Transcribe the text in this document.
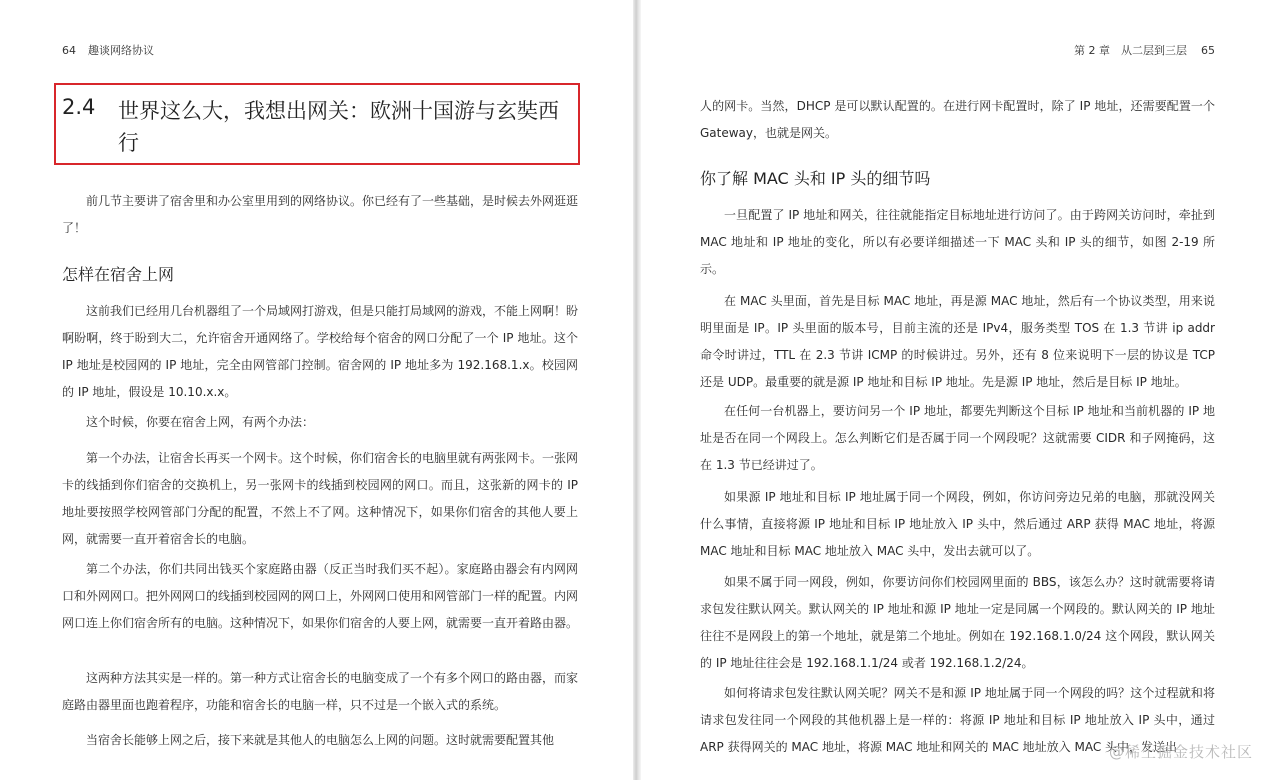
64 趣谈网络协议	第 2 章　从二层到三层 65
2.4 世界这么大，我想出网关：欧洲十国游与玄奘西行

前几节主要讲了宿舍里和办公室里用到的网络协议。你已经有了一些基础，是时候去外网逛逛了！

怎样在宿舍上网

这前我们已经用几台机器组了一个局域网打游戏，但是只能打局域网的游戏，不能上网啊！盼啊盼啊，终于盼到大二，允许宿舍开通网络了。学校给每个宿舍的网口分配了一个 IP 地址。这个 IP 地址是校园网的 IP 地址，完全由网管部门控制。宿舍网的 IP 地址多为 192.168.1.x。校园网的 IP 地址，假设是 10.10.x.x。

这个时候，你要在宿舍上网，有两个办法：

第一个办法，让宿舍长再买一个网卡。这个时候，你们宿舍长的电脑里就有两张网卡。一张网卡的线插到你们宿舍的交换机上，另一张网卡的线插到校园网的网口。而且，这张新的网卡的 IP 地址要按照学校网管部门分配的配置，不然上不了网。这种情况下，如果你们宿舍的其他人要上网，就需要一直开着宿舍长的电脑。

第二个办法，你们共同出钱买个家庭路由器（反正当时我们买不起）。家庭路由器会有内网网口和外网网口。把外网网口的线插到校园网的网口上，外网网口使用和网管部门一样的配置。内网网口连上你们宿舍所有的电脑。这种情况下，如果你们宿舍的人要上网，就需要一直开着路由器。

这两种方法其实是一样的。第一种方式让宿舍长的电脑变成了一个有多个网口的路由器，而家庭路由器里面也跑着程序，功能和宿舍长的电脑一样，只不过是一个嵌入式的系统。

当宿舍长能够上网之后，接下来就是其他人的电脑怎么上网的问题。这时就需要配置其他

人的网卡。当然，DHCP 是可以默认配置的。在进行网卡配置时，除了 IP 地址，还需要配置一个 Gateway，也就是网关。

你了解 MAC 头和 IP 头的细节吗

一旦配置了 IP 地址和网关，往往就能指定目标地址进行访问了。由于跨网关访问时，牵扯到 MAC 地址和 IP 地址的变化，所以有必要详细描述一下 MAC 头和 IP 头的细节，如图 2-19 所示。

在 MAC 头里面，首先是目标 MAC 地址，再是源 MAC 地址，然后有一个协议类型，用来说明里面是 IP。IP 头里面的版本号，目前主流的还是 IPv4，服务类型 TOS 在 1.3 节讲 ip addr 命令时讲过，TTL 在 2.3 节讲 ICMP 的时候讲过。另外，还有 8 位来说明下一层的协议是 TCP 还是 UDP。最重要的就是源 IP 地址和目标 IP 地址。先是源 IP 地址，然后是目标 IP 地址。

在任何一台机器上，要访问另一个 IP 地址，都要先判断这个目标 IP 地址和当前机器的 IP 地址是否在同一个网段上。怎么判断它们是否属于同一个网段呢？这就需要 CIDR 和子网掩码，这在 1.3 节已经讲过了。

如果源 IP 地址和目标 IP 地址属于同一个网段，例如，你访问旁边兄弟的电脑，那就没网关什么事情，直接将源 IP 地址和目标 IP 地址放入 IP 头中，然后通过 ARP 获得 MAC 地址，将源 MAC 地址和目标 MAC 地址放入 MAC 头中，发出去就可以了。

如果不属于同一网段，例如，你要访问你们校园网里面的 BBS，该怎么办？这时就需要将请求包发往默认网关。默认网关的 IP 地址和源 IP 地址一定是同属一个网段的。默认网关的 IP 地址往往不是网段上的第一个地址，就是第二个地址。例如在 192.168.1.0/24 这个网段，默认网关的 IP 地址往往会是 192.168.1.1/24 或者 192.168.1.2/24。

如何将请求包发往默认网关呢？网关不是和源 IP 地址属于同一个网段的吗？这个过程就和将请求包发往同一个网段的其他机器上是一样的：将源 IP 地址和目标 IP 地址放入 IP 头中，通过 ARP 获得网关的 MAC 地址，将源 MAC 地址和网关的 MAC 地址放入 MAC 头中，发送出

@稀土掘金技术社区
